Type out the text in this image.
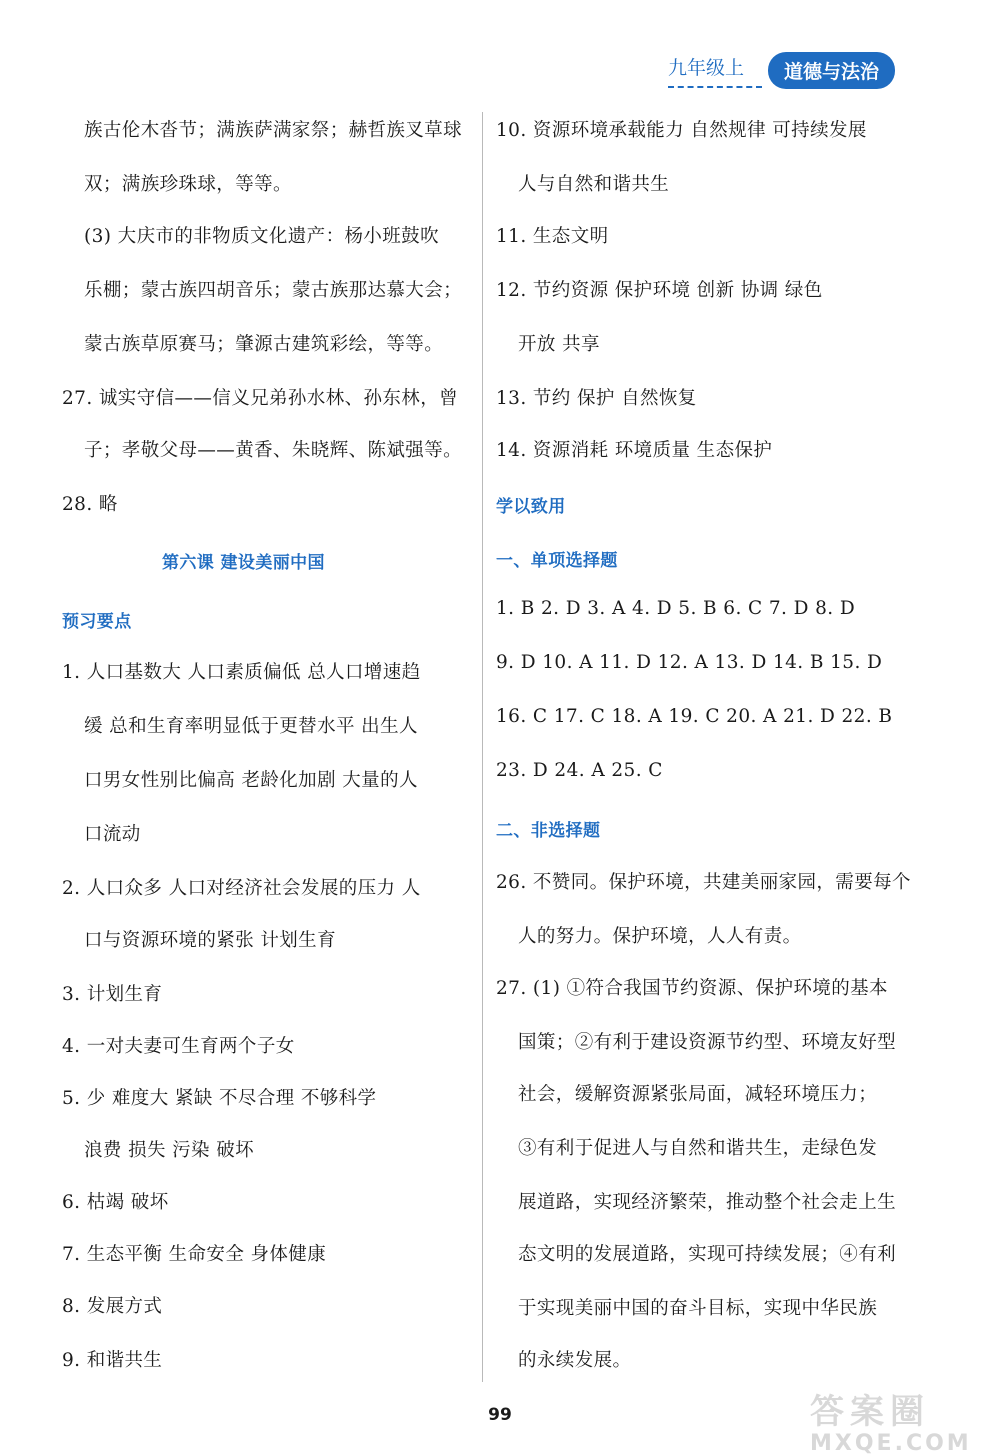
九年级上	道德与法治
族古伦木沓节；满族萨满家祭；赫哲族叉草球
双；满族珍珠球，等等。
(3) 大庆市的非物质文化遗产：杨小班鼓吹
乐棚；蒙古族四胡音乐；蒙古族那达慕大会；
蒙古族草原赛马；肇源古建筑彩绘，等等。
27. 诚实守信——信义兄弟孙水林、孙东林，曾
子；孝敬父母——黄香、朱晓辉、陈斌强等。
28. 略
第六课 建设美丽中国
预习要点
1. 人口基数大 人口素质偏低 总人口增速趋
缓 总和生育率明显低于更替水平 出生人
口男女性别比偏高 老龄化加剧 大量的人
口流动
2. 人口众多 人口对经济社会发展的压力 人
口与资源环境的紧张 计划生育
3. 计划生育
4. 一对夫妻可生育两个子女
5. 少 难度大 紧缺 不尽合理 不够科学
浪费 损失 污染 破坏
6. 枯竭 破坏
7. 生态平衡 生命安全 身体健康
8. 发展方式
9. 和谐共生
10. 资源环境承载能力 自然规律 可持续发展
人与自然和谐共生
11. 生态文明
12. 节约资源 保护环境 创新 协调 绿色
开放 共享
13. 节约 保护 自然恢复
14. 资源消耗 环境质量 生态保护
学以致用
一、单项选择题
1. B 2. D 3. A 4. D 5. B 6. C 7. D 8. D
9. D 10. A 11. D 12. A 13. D 14. B 15. D
16. C 17. C 18. A 19. C 20. A 21. D 22. B
23. D 24. A 25. C
二、非选择题
26. 不赞同。保护环境，共建美丽家园，需要每个
人的努力。保护环境，人人有责。
27. (1) ①符合我国节约资源、保护环境的基本
国策；②有利于建设资源节约型、环境友好型
社会，缓解资源紧张局面，减轻环境压力；
③有利于促进人与自然和谐共生，走绿色发
展道路，实现经济繁荣，推动整个社会走上生
态文明的发展道路，实现可持续发展；④有利
于实现美丽中国的奋斗目标，实现中华民族
的永续发展。
99	答案圈
MXQE.COM
